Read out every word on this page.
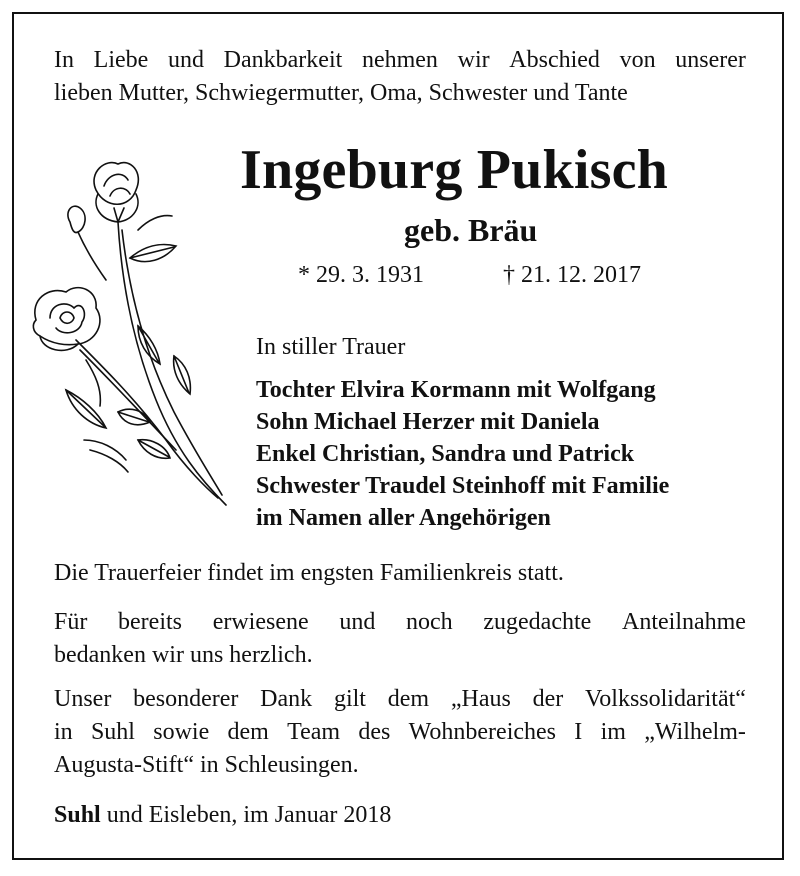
In Liebe und Dankbarkeit nehmen wir Abschied von unserer
lieben Mutter, Schwiegermutter, Oma, Schwester und Tante
Ingeburg Pukisch
geb. Bräu
* 29. 3. 1931	† 21. 12. 2017
In stiller Trauer
Tochter Elvira Kormann mit Wolfgang
Sohn Michael Herzer mit Daniela
Enkel Christian, Sandra und Patrick
Schwester Traudel Steinhoff mit Familie
im Namen aller Angehörigen
Die Trauerfeier findet im engsten Familienkreis statt.
Für bereits erwiesene und noch zugedachte Anteilnahme
bedanken wir uns herzlich.
Unser besonderer Dank gilt dem „Haus der Volkssolidarität“
in Suhl sowie dem Team des Wohnbereiches I im „Wilhelm-
Augusta-Stift“ in Schleusingen.
Suhl und Eisleben, im Januar 2018
